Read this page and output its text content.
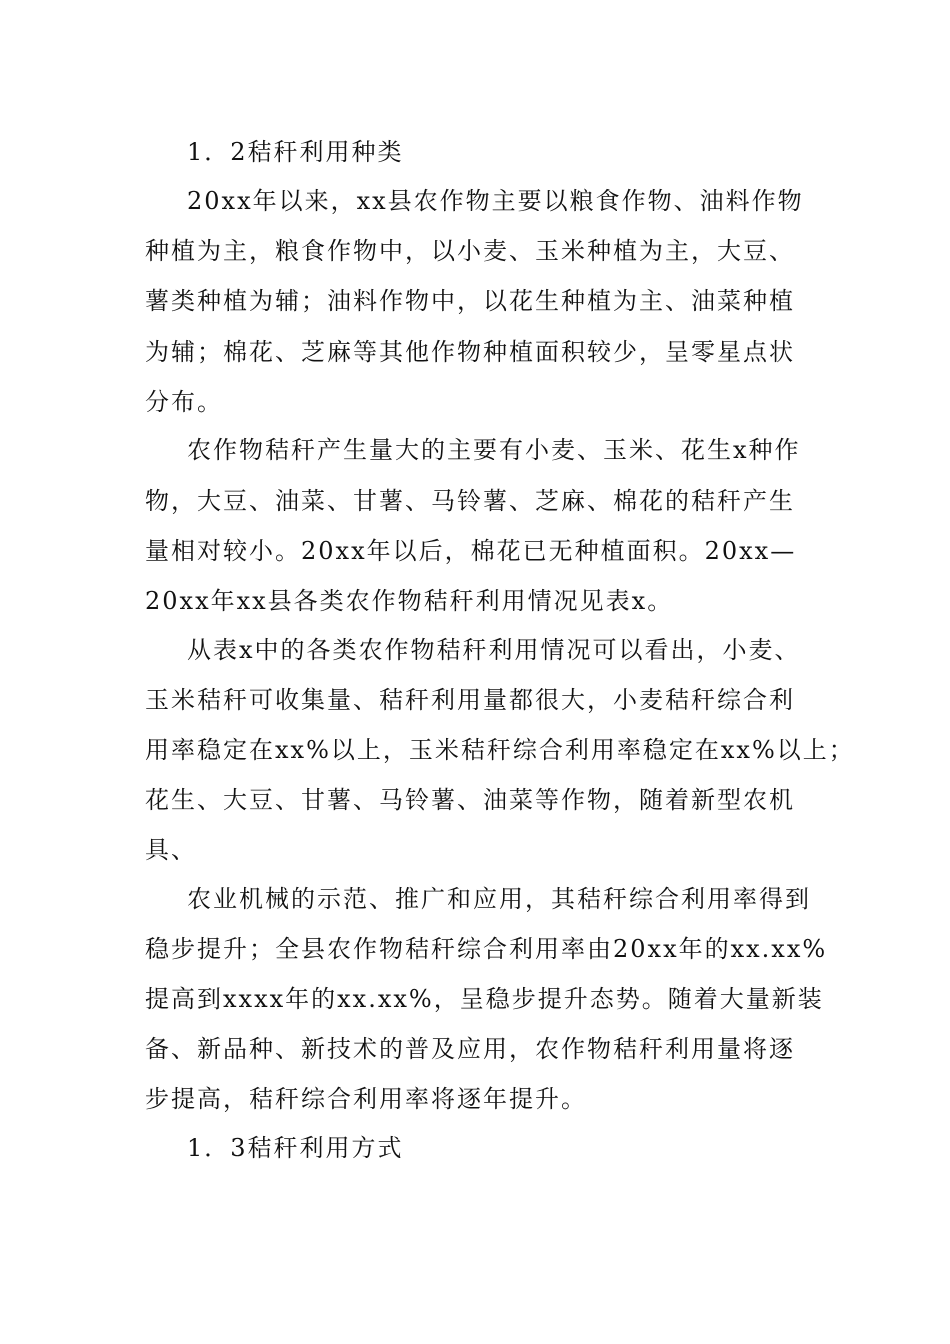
1．2秸秆利用种类
20xx年以来，xx县农作物主要以粮食作物、油料作物
种植为主，粮食作物中，以小麦、玉米种植为主，大豆、
薯类种植为辅；油料作物中，以花生种植为主、油菜种植
为辅；棉花、芝麻等其他作物种植面积较少，呈零星点状
分布。
农作物秸秆产生量大的主要有小麦、玉米、花生x种作
物，大豆、油菜、甘薯、马铃薯、芝麻、棉花的秸秆产生
量相对较小。20xx年以后，棉花已无种植面积。20xx—
20xx年xx县各类农作物秸秆利用情况见表x。
从表x中的各类农作物秸秆利用情况可以看出，小麦、
玉米秸秆可收集量、秸秆利用量都很大，小麦秸秆综合利
用率稳定在xx%以上，玉米秸秆综合利用率稳定在xx%以上；
花生、大豆、甘薯、马铃薯、油菜等作物，随着新型农机
具、
农业机械的示范、推广和应用，其秸秆综合利用率得到
稳步提升；全县农作物秸秆综合利用率由20xx年的xx.xx%
提高到xxxx年的xx.xx%，呈稳步提升态势。随着大量新装
备、新品种、新技术的普及应用，农作物秸秆利用量将逐
步提高，秸秆综合利用率将逐年提升。
1．3秸秆利用方式
